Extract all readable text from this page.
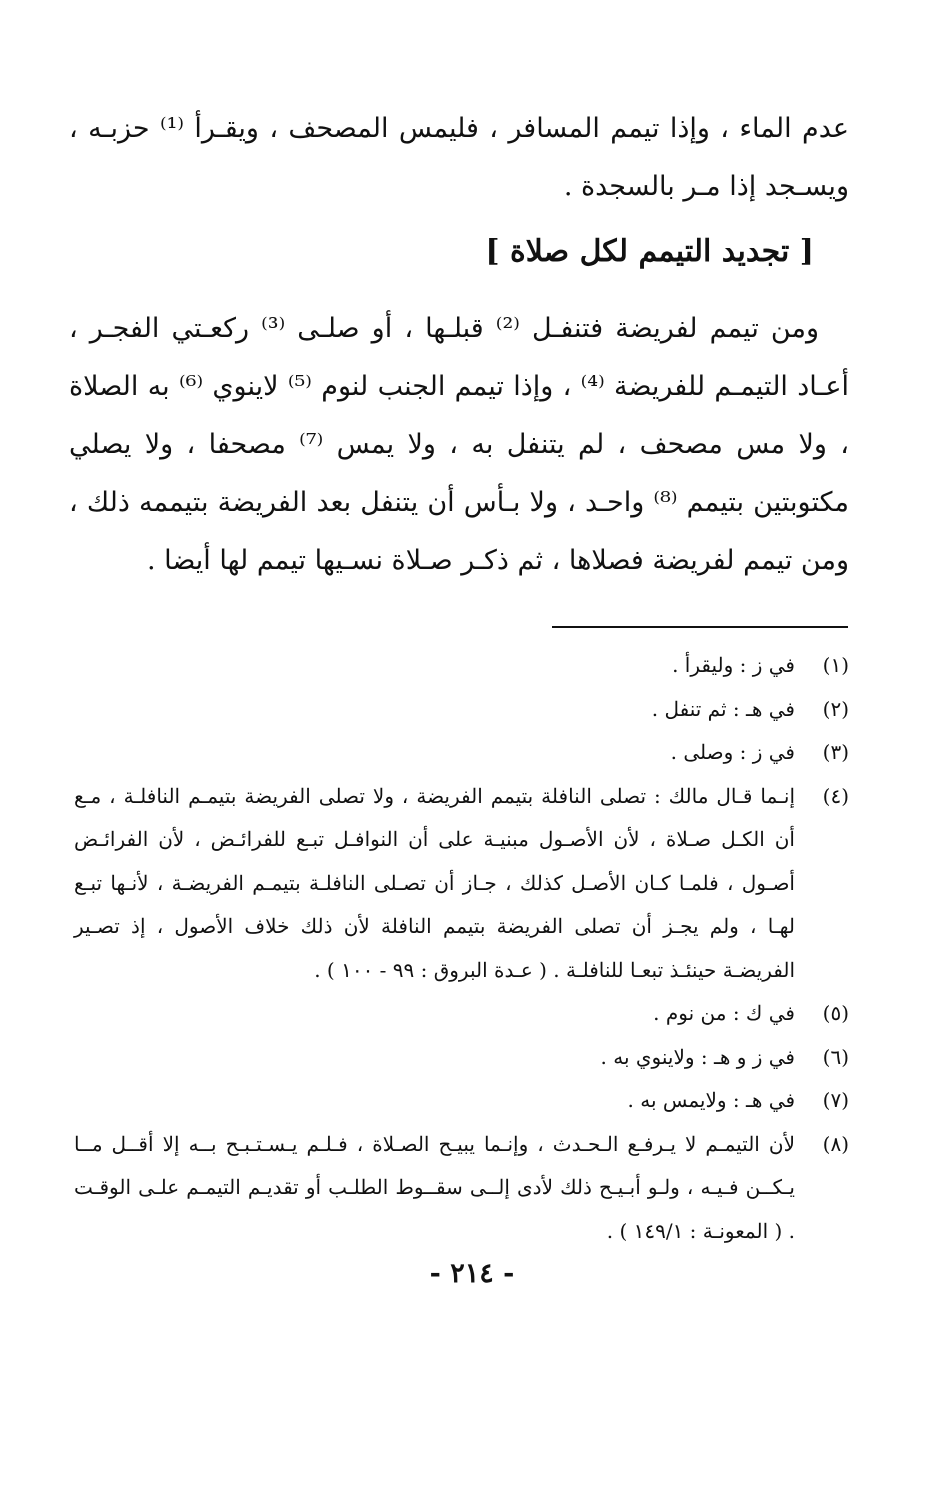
عدم الماء ، وإذا تيمم المسافر ، فليمس المصحف ، ويقـرأ ⁽¹⁾ حزبـه ، ويسـجد إذا مـر بالسجدة .

[ تجديد التيمم لكل صلاة ]

ومن تيمم لفريضة فتنفـل ⁽²⁾ قبلـها ، أو صلـى ⁽³⁾ ركعـتي الفجـر ، أعـاد التيمـم للفريضة ⁽⁴⁾ ، وإذا تيمم الجنب لنوم ⁽⁵⁾ لاينوي ⁽⁶⁾ به الصلاة ، ولا مس مصحف ، لم يتنفل به ، ولا يمس ⁽⁷⁾ مصحفا ، ولا يصلي مكتوبتين بتيمم ⁽⁸⁾ واحـد ، ولا بـأس أن يتنفل بعد الفريضة بتيممه ذلك ، ومن تيمم لفريضة فصلاها ، ثم ذكـر صـلاة نسـيها تيمم لها أيضا .

(١)
في ز : وليقرأ .
(٢)
في هـ : ثم تنفل .
(٣)
في ز : وصلى .
(٤)
إنـما قـال مالك : تصلى النافلة بتيمم الفريضة ، ولا تصلى الفريضة بتيمـم النافلـة ، مـع أن الكـل صـلاة ، لأن الأصـول مبنيـة على أن النوافـل تبـع للفرائـض ، لأن الفرائـض أصـول ، فلمـا كـان الأصـل كذلك ، جـاز أن تصـلى النافلـة بتيمـم الفريضـة ، لأنـها تبـع لهـا ، ولم يجـز أن تصلى الفريضة بتيمم النافلة لأن ذلك خلاف الأصول ، إذ تصـير الفريضـة حينئـذ تبعـا للنافلـة . ( عـدة البروق : ٩٩ - ١٠٠ ) .
(٥)
في ك : من نوم .
(٦)
في ز و هـ : ولاينوي به .
(٧)
في هـ : ولايمس به .
(٨)
لأن التيمـم لا يـرفـع الـحـدث ، وإنـما يبيـح الصـلاة ، فـلـم يـسـتـبـح بــه إلا أقــل مــا يـكــن فـيـه ، ولـو أبـيـح ذلك لأدى إلــى سقــوط الطلـب أو تقديـم التيمـم علـى الوقـت . ( المعونـة : ١٤٩/١ ) .
- ٢١٤ -
